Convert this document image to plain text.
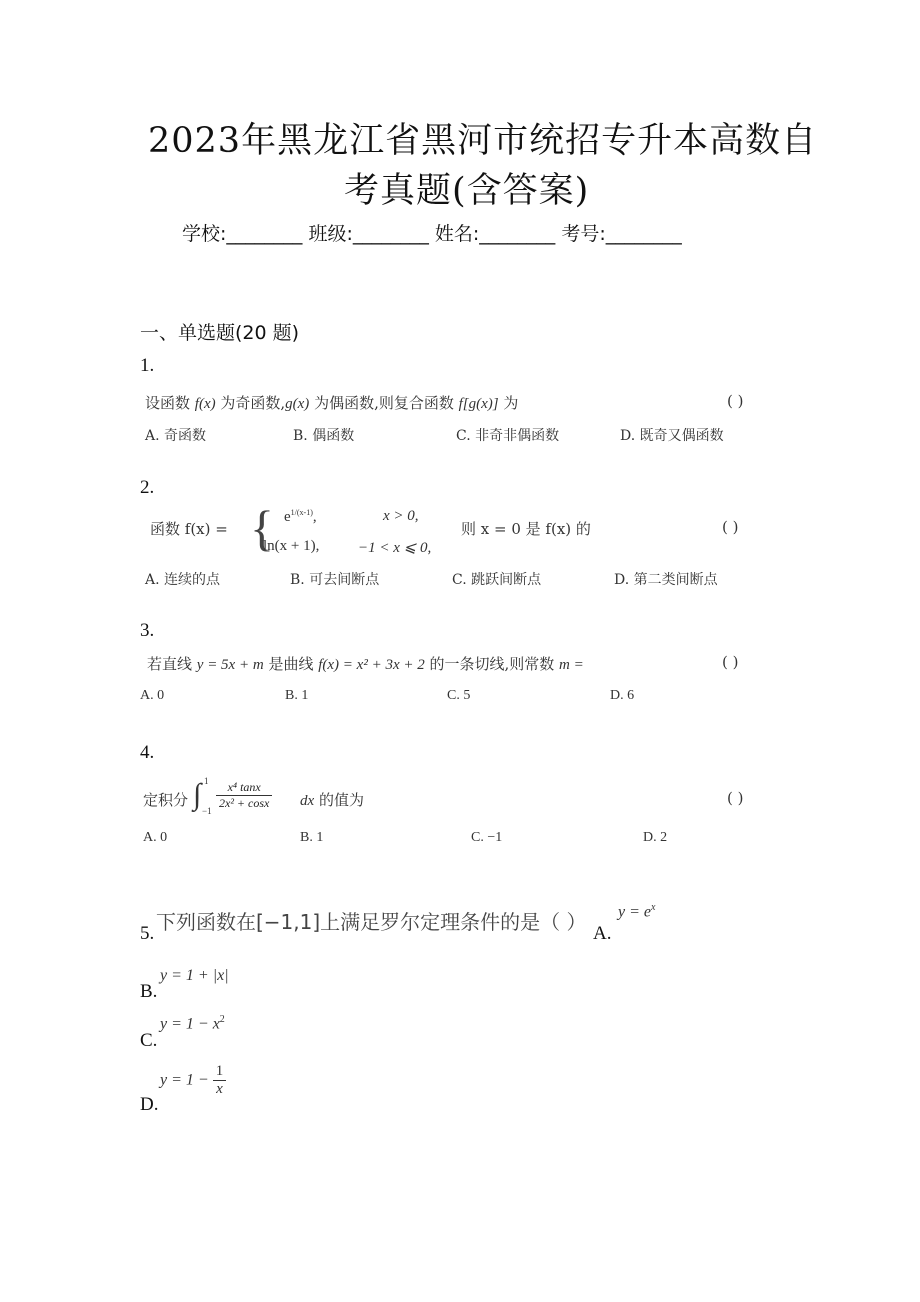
2023年黑龙江省黑河市统招专升本高数自
考真题(含答案)
学校:________ 班级:________ 姓名:________ 考号:________
一、单选题(20 题)
1.
设函数 f(x) 为奇函数,g(x) 为偶函数,则复合函数 f[g(x)] 为	( )
A. 奇函数	B. 偶函数	C. 非奇非偶函数	D. 既奇又偶函数
2.
函数 f(x) = { $e^{1/(x-1)}$,	x > 0,
ln(x + 1),	−1 < x ⩽ 0,
则 x = 0 是 f(x) 的	( )
A. 连续的点	B. 可去间断点	C. 跳跃间断点	D. 第二类间断点
3.
若直线 y = 5x + m 是曲线 f(x) = x² + 3x + 2 的一条切线,则常数 m =	( )
A. 0	B. 1	C. 5	D. 6
4.
定积分 ∫ 1
$-1 \frac{\text{x⁴ tanx}}{\text{2x² + cosx}}$ dx 的值为	( )
A. 0	B. 1	C. −1	D. 2
下列函数在[−1,1]上满足罗尔定理条件的是（ ）
5.	A.
$y = e^x$
B.
y = 1 + |x|
C.
$y = 1 - x^2$
D.
$y = 1 - \frac{1}{x}$
